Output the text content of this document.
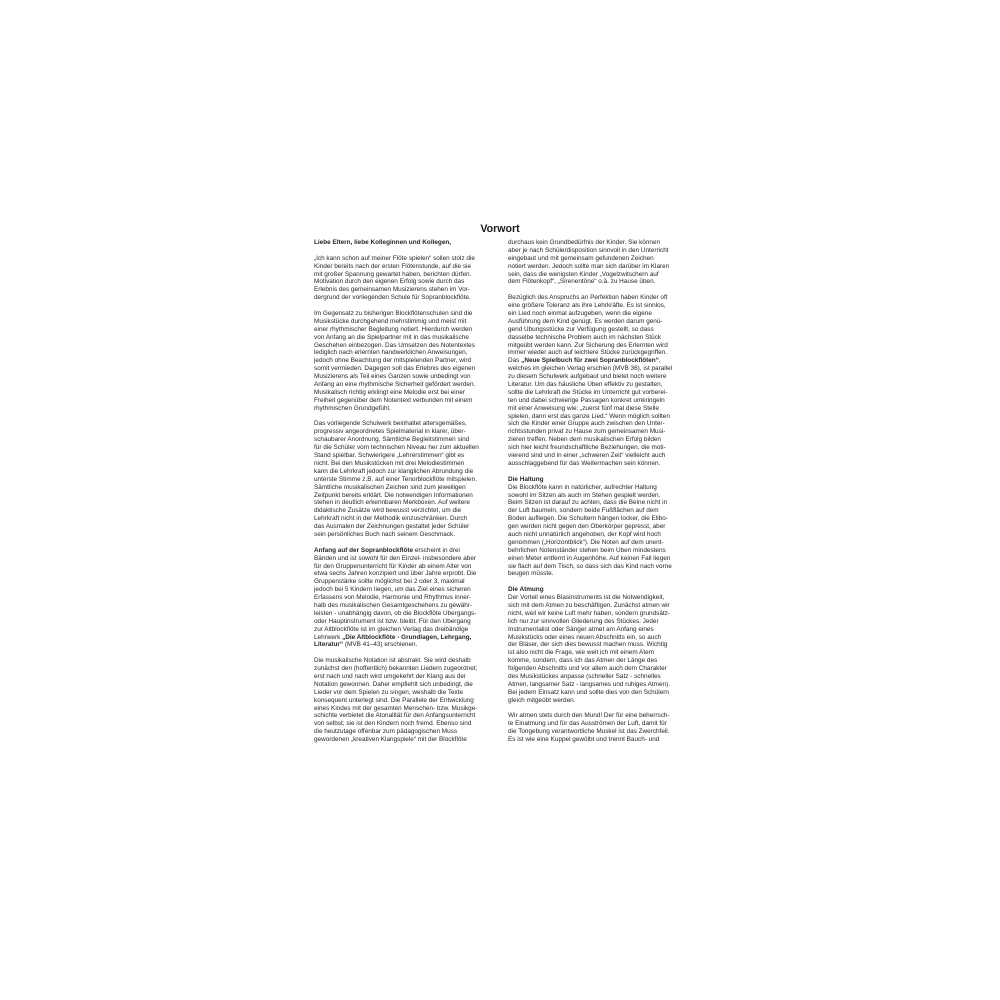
Vorwort
Liebe Eltern, liebe Kolleginnen und Kollegen,
„Ich kann schon auf meiner Flöte spielen“ sollen stolz die
Kinder bereits nach der ersten Flötenstunde, auf die sie
mit großer Spannung gewartet haben, berichten dürfen.
Motivation durch den eigenen Erfolg sowie durch das
Erlebnis des gemeinsamen Musizierens stehen im Vor-
dergrund der vorliegenden Schule für Sopranblockflöte.
Im Gegensatz zu bisherigen Blockflötenschulen sind die
Musikstücke durchgehend mehrstimmig und meist mit
einer rhythmischer Begleitung notiert. Hierdurch werden
von Anfang an die Spielpartner mit in das musikalische
Geschehen einbezogen. Das Umsetzen des Notentextes
lediglich nach erlernten handwerklichen Anweisungen,
jedoch ohne Beachtung der mitspielenden Partner, wird
somit vermieden. Dagegen soll das Erlebnis des eigenen
Musizierens als Teil eines Ganzen sowie unbedingt von
Anfang an eine rhythmische Sicherheit gefördert werden.
Musikalisch richtig erklingt eine Melodie erst bei einer
Freiheit gegenüber dem Notentext verbunden mit einem
rhythmischen Grundgefühl.
Das vorliegende Schulwerk beinhaltet altersgemäßes,
progressiv angeordnetes Spielmaterial in klarer, über-
schaubarer Anordnung. Sämtliche Begleitstimmen sind
für die Schüler vom technischen Niveau her zum aktuellen
Stand spielbar. Schwierigere „Lehrerstimmen“ gibt es
nicht. Bei den Musikstücken mit drei Melodiestimmen
kann die Lehrkraft jedoch zur klanglichen Abrundung die
unterste Stimme z.B. auf einer Tenorblockflöte mitspielen.
Sämtliche musikalischen Zeichen sind zum jeweiligen
Zeitpunkt bereits erklärt. Die notwendigen Informationen
stehen in deutlich erkennbaren Merkboxen. Auf weitere
didaktische Zusätze wird bewusst verzichtet, um die
Lehrkraft nicht in der Methodik einzuschränken. Durch
das Ausmalen der Zeichnungen gestaltet jeder Schüler
sein persönliches Buch nach seinem Geschmack.
Anfang auf der Sopranblockflöte erscheint in drei
Bänden und ist sowohl für den Einzel- insbesondere aber
für den Gruppenunterricht für Kinder ab einem Alter von
etwa sechs Jahren konzipiert und über Jahre erprobt. Die
Gruppenstärke sollte möglichst bei 2 oder 3, maximal
jedoch bei 5 Kindern liegen, um das Ziel eines sicheren
Erfassens von Melodie, Harmonie und Rhythmus inner-
halb des musikalischen Gesamtgeschehens zu gewähr-
leisten - unabhängig davon, ob die Blockflöte Übergangs-
oder Hauptinstrument ist bzw. bleibt. Für den Übergang
zur Altblockflöte ist im gleichen Verlag das dreibändige
Lehrwerk „Die Altblockflöte - Grundlagen, Lehrgang,
Literatur“ (MVB 41–43) erschienen.
Die musikalische Notation ist abstrakt. Sie wird deshalb
zunächst den (hoffentlich) bekannten Liedern zugeordnet;
erst nach und nach wird umgekehrt der Klang aus der
Notation gewonnen. Daher empfiehlt sich unbedingt, die
Lieder vor dem Spielen zu singen, weshalb die Texte
konsequent unterlegt sind. Die Parallele der Entwicklung
eines Kindes mit der gesamten Menschen- bzw. Musikge-
schichte verbietet die Atonalität für den Anfangsunterricht
von selbst; sie ist den Kindern noch fremd. Ebenso sind
die heutzutage offenbar zum pädagogischen Muss
gewordenen „kreativen Klangspiele“ mit der Blockflöte
durchaus kein Grundbedürfnis der Kinder. Sie können
aber je nach Schülerdisposition sinnvoll in den Unterricht
eingebaut und mit gemeinsam gefundenen Zeichen
notiert werden. Jedoch sollte man sich darüber im Klaren
sein, dass die wenigsten Kinder „Vogelzwitschern auf
dem Flötenkopf“, „Sirenentöne“ o.ä. zu Hause üben.
Bezüglich des Anspruchs an Perfektion haben Kinder oft
eine größere Toleranz als ihre Lehrkräfte. Es ist sinnlos,
ein Lied noch einmal aufzugeben, wenn die eigene
Ausführung dem Kind genügt. Es werden darum genü-
gend Übungsstücke zur Verfügung gestellt, so dass
dasselbe technische Problem auch im nächsten Stück
mitgeübt werden kann. Zur Sicherung des Erlernten wird
immer wieder auch auf leichtere Stücke zurückgegriffen.
Das „Neue Spielbuch für zwei Sopranblockflöten“,
welches im gleichen Verlag erschien (MVB 36), ist parallel
zu diesem Schulwerk aufgebaut und bietet noch weitere
Literatur. Um das häusliche Üben effektiv zu gestalten,
sollte die Lehrkraft die Stücke im Unterricht gut vorberei-
ten und dabei schwierige Passagen konkret umkringeln
mit einer Anweisung wie: „zuerst fünf mal diese Stelle
spielen, dann erst das ganze Lied.“ Wenn möglich sollten
sich die Kinder einer Gruppe auch zwischen den Unter-
richtsstunden privat zu Hause zum gemeinsamen Musi-
zieren treffen. Neben dem musikalischen Erfolg bilden
sich hier leicht freundschaftliche Beziehungen, die moti-
vierend sind und in einer „schweren Zeit“ vielleicht auch
ausschlaggebend für das Weitermachen sein können.
Die Haltung
Die Blockflöte kann in natürlicher, aufrechter Haltung
sowohl im Sitzen als auch im Stehen gespielt werden.
Beim Sitzen ist darauf zu achten, dass die Beine nicht in
der Luft baumeln, sondern beide Fußflächen auf dem
Boden aufliegen. Die Schultern hängen locker, die Ellbo-
gen werden nicht gegen den Oberkörper gepresst, aber
auch nicht unnatürlich angehoben, der Kopf wird hoch
genommen („Horizontblick“). Die Noten auf dem unent-
behrlichen Notenständer stehen beim Üben mindestens
einen Meter entfernt in Augenhöhe. Auf keinen Fall liegen
sie flach auf dem Tisch, so dass sich das Kind nach vorne
beugen müsste.
Die Atmung
Der Vorteil eines Blasinstruments ist die Notwendigkeit,
sich mit dem Atmen zu beschäftigen. Zunächst atmen wir
nicht, weil wir keine Luft mehr haben, sondern grundsätz-
lich nur zur sinnvollen Gliederung des Stückes. Jeder
Instrumentalist oder Sänger atmet am Anfang eines
Musikstücks oder eines neuen Abschnitts ein, so auch
der Bläser, der sich dies bewusst machen muss. Wichtig
ist also nicht die Frage, wie weit ich mit einem Atem
komme, sondern, dass ich das Atmen der Länge des
folgenden Abschnitts und vor allem auch dem Charakter
des Musikstückes anpasse (schneller Satz - schnelles
Atmen, langsamer Satz - langsames und ruhiges Atmen).
Bei jedem Einsatz kann und sollte dies von den Schülern
gleich mitgeübt werden.
Wir atmen stets durch den Mund! Der für eine beherrsch-
te Einatmung und für das Ausströmen der Luft, damit für
die Tongebung verantwortliche Muskel ist das Zwerchfell.
Es ist wie eine Kuppel gewölbt und trennt Bauch- und
